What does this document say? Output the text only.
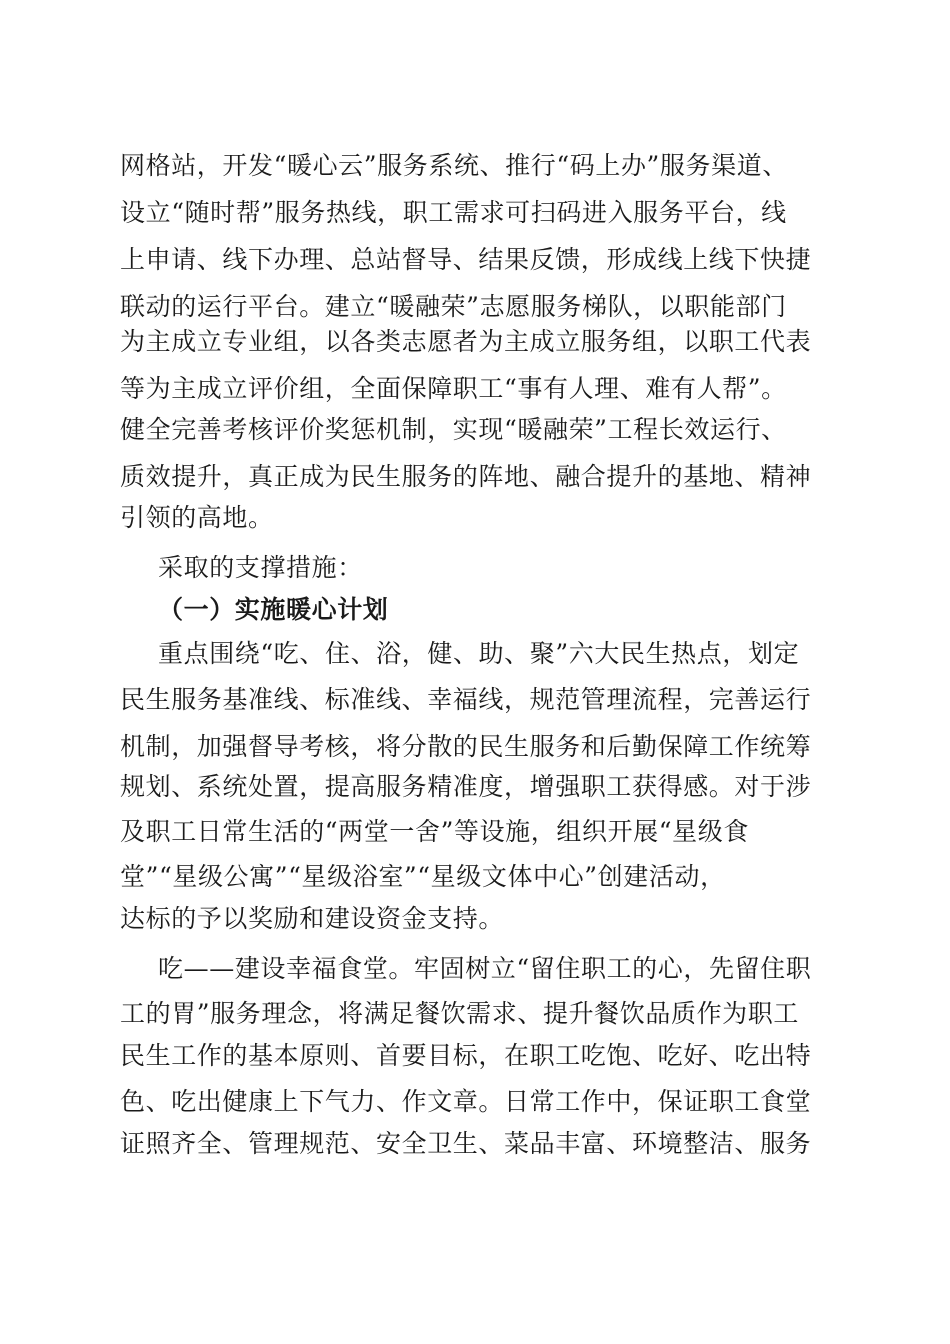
网格站，开发“暖心云”服务系统、推行“码上办”服务渠道、
设立“随时帮”服务热线，职工需求可扫码进入服务平台，线
上申请、线下办理、总站督导、结果反馈，形成线上线下快捷
联动的运行平台。建立“暖融荣”志愿服务梯队，以职能部门
为主成立专业组，以各类志愿者为主成立服务组，以职工代表
等为主成立评价组，全面保障职工“事有人理、难有人帮”。
健全完善考核评价奖惩机制，实现“暖融荣”工程长效运行、
质效提升，真正成为民生服务的阵地、融合提升的基地、精神
引领的高地。
采取的支撑措施：
（一）实施暖心计划
重点围绕“吃、住、浴，健、助、聚”六大民生热点，划定
民生服务基准线、标准线、幸福线，规范管理流程，完善运行
机制，加强督导考核，将分散的民生服务和后勤保障工作统筹
规划、系统处置，提高服务精准度，增强职工获得感。对于涉
及职工日常生活的“两堂一舍”等设施，组织开展“星级食
堂”“星级公寓”“星级浴室”“星级文体中心”创建活动，
达标的予以奖励和建设资金支持。
吃——建设幸福食堂。牢固树立“留住职工的心，先留住职
工的胃”服务理念，将满足餐饮需求、提升餐饮品质作为职工
民生工作的基本原则、首要目标，在职工吃饱、吃好、吃出特
色、吃出健康上下气力、作文章。日常工作中，保证职工食堂
证照齐全、管理规范、安全卫生、菜品丰富、环境整洁、服务
